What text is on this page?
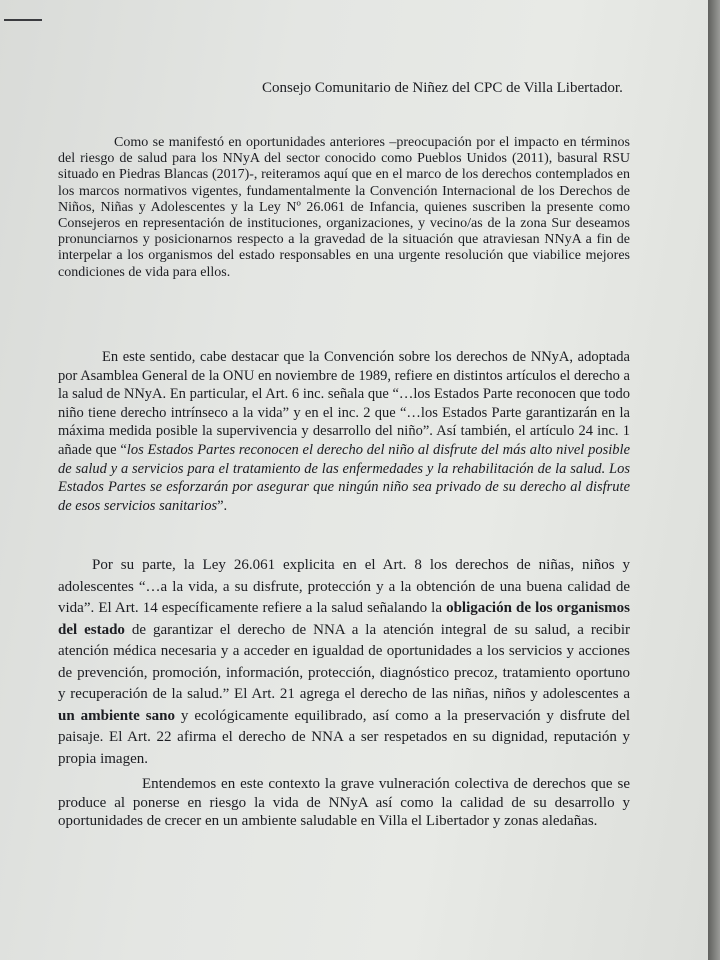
Consejo Comunitario de Niñez del CPC de Villa Libertador.

Como se manifestó en oportunidades anteriores –preocupación por el impacto en términos del riesgo de salud para los NNyA del sector conocido como Pueblos Unidos (2011), basural RSU situado en Piedras Blancas (2017)-, reiteramos aquí que en el marco de los derechos contemplados en los marcos normativos vigentes, fundamentalmente la Convención Internacional de los Derechos de Niños, Niñas y Adolescentes y la Ley Nº 26.061 de Infancia, quienes suscriben la presente como Consejeros en representación de instituciones, organizaciones, y vecino/as de la zona Sur deseamos pronunciarnos y posicionarnos respecto a la gravedad de la situación que atraviesan NNyA a fin de interpelar a los organismos del estado responsables en una urgente resolución que viabilice mejores condiciones de vida para ellos.

En este sentido, cabe destacar que la Convención sobre los derechos de NNyA, adoptada por Asamblea General de la ONU en noviembre de 1989, refiere en distintos artículos el derecho a la salud de NNyA. En particular, el Art. 6 inc. señala que “…los Estados Parte reconocen que todo niño tiene derecho intrínseco a la vida” y en el inc. 2 que “…los Estados Parte garantizarán en la máxima medida posible la supervivencia y desarrollo del niño”. Así también, el artículo 24 inc. 1 añade que “los Estados Partes reconocen el derecho del niño al disfrute del más alto nivel posible de salud y a servicios para el tratamiento de las enfermedades y la rehabilitación de la salud. Los Estados Partes se esforzarán por asegurar que ningún niño sea privado de su derecho al disfrute de esos servicios sanitarios”.

Por su parte, la Ley 26.061 explicita en el Art. 8 los derechos de niñas, niños y adolescentes “…a la vida, a su disfrute, protección y a la obtención de una buena calidad de vida”. El Art. 14 específicamente refiere a la salud señalando la obligación de los organismos del estado de garantizar el derecho de NNA a la atención integral de su salud, a recibir atención médica necesaria y a acceder en igualdad de oportunidades a los servicios y acciones de prevención, promoción, información, protección, diagnóstico precoz, tratamiento oportuno y recuperación de la salud.” El Art. 21 agrega el derecho de las niñas, niños y adolescentes a un ambiente sano y ecológicamente equilibrado, así como a la preservación y disfrute del paisaje. El Art. 22 afirma el derecho de NNA a ser respetados en su dignidad, reputación y propia imagen.

Entendemos en este contexto la grave vulneración colectiva de derechos que se produce al ponerse en riesgo la vida de NNyA así como la calidad de su desarrollo y oportunidades de crecer en un ambiente saludable en Villa el Libertador y zonas aledañas.
